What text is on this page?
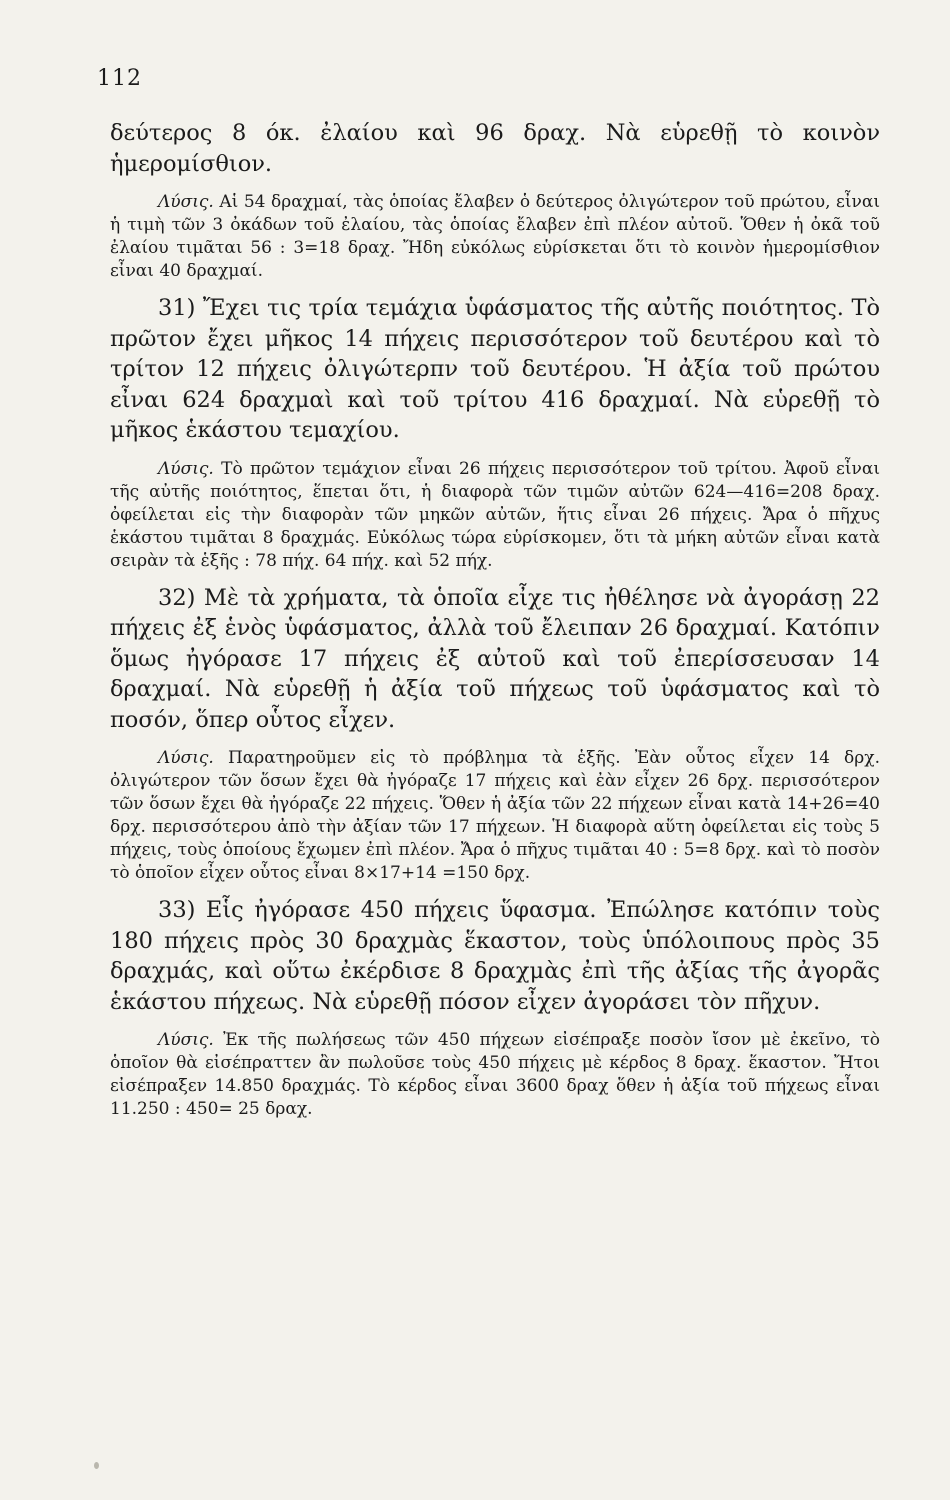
112

δεύτερος 8 όκ. ἐλαίου καὶ 96 δραχ. Νὰ εὑρεθῇ τὸ κοινὸν ἡμερομίσθιον.

Λύσις. Αἱ 54 δραχμαί, τὰς ὁποίας ἔλαβεν ὁ δεύτερος ὀλιγώτερον τοῦ πρώτου, εἶναι ἡ τιμὴ τῶν 3 ὀκάδων τοῦ ἐλαίου, τὰς ὁποίας ἔλαβεν ἐπὶ πλέον αὐτοῦ. Ὅθεν ἡ ὀκᾶ τοῦ ἐλαίου τιμᾶται 56 : 3=18 δραχ. Ἤδη εὐκόλως εὑρίσκεται ὅτι τὸ κοινὸν ἡμερομίσθιον εἶναι 40 δραχμαί.

31) Ἔχει τις τρία τεμάχια ὑφάσματος τῆς αὐτῆς ποιότητος. Τὸ πρῶτον ἔχει μῆκος 14 πήχεις περισσότερον τοῦ δευτέρου καὶ τὸ τρίτον 12 πήχεις ὀλιγώτερπν τοῦ δευτέρου. Ἡ ἀξία τοῦ πρώτου εἶναι 624 δραχμαὶ καὶ τοῦ τρίτου 416 δραχμαί. Νὰ εὑρεθῇ τὸ μῆκος ἑκάστου τεμαχίου.

Λύσις. Τὸ πρῶτον τεμάχιον εἶναι 26 πήχεις περισσότερον τοῦ τρίτου. Ἀφοῦ εἶναι τῆς αὐτῆς ποιότητος, ἕπεται ὅτι, ἡ διαφορὰ τῶν τιμῶν αὐτῶν 624—416=208 δραχ. ὀφείλεται εἰς τὴν διαφορὰν τῶν μηκῶν αὐτῶν, ἥτις εἶναι 26 πήχεις. Ἄρα ὁ πῆχυς ἑκάστου τιμᾶται 8 δραχμάς. Εὐκόλως τώρα εὑρίσκομεν, ὅτι τὰ μήκη αὐτῶν εἶναι κατὰ σειρὰν τὰ ἑξῆς : 78 πήχ. 64 πήχ. καὶ 52 πήχ.

32) Μὲ τὰ χρήματα, τὰ ὁποῖα εἶχε τις ἠθέλησε νὰ ἀγοράσῃ 22 πήχεις ἐξ ἑνὸς ὑφάσματος, ἀλλὰ τοῦ ἔλειπαν 26 δραχμαί. Κατόπιν ὅμως ἠγόρασε 17 πήχεις ἐξ αὐτοῦ καὶ τοῦ ἐπερίσσευσαν 14 δραχμαί. Νὰ εὑρεθῇ ἡ ἀξία τοῦ πήχεως τοῦ ὑφάσματος καὶ τὸ ποσόν, ὅπερ οὗτος εἶχεν.

Λύσις. Παρατηροῦμεν εἰς τὸ πρόβλημα τὰ ἑξῆς. Ἐὰν οὗτος εἶχεν 14 δρχ. ὀλιγώτερον τῶν ὅσων ἔχει θὰ ἠγόραζε 17 πήχεις καὶ ἐὰν εἶχεν 26 δρχ. περισσότερον τῶν ὅσων ἔχει θὰ ἠγόραζε 22 πήχεις. Ὅθεν ἡ ἀξία τῶν 22 πήχεων εἶναι κατὰ 14+26=40 δρχ. περισσότερου ἀπὸ τὴν ἀξίαν τῶν 17 πήχεων. Ἡ διαφορὰ αὕτη ὀφείλεται εἰς τοὺς 5 πήχεις, τοὺς ὁποίους ἔχωμεν ἐπὶ πλέον. Ἄρα ὁ πῆχυς τιμᾶται 40 : 5=8 δρχ. καὶ τὸ ποσὸν τὸ ὁποῖον εἶχεν οὗτος εἶναι 8×17+14 =150 δρχ.

33) Εἷς ἠγόρασε 450 πήχεις ὕφασμα. Ἐπώλησε κατόπιν τοὺς 180 πήχεις πρὸς 30 δραχμὰς ἕκαστον, τοὺς ὑπόλοιπους πρὸς 35 δραχμάς, καὶ οὕτω ἐκέρδισε 8 δραχμὰς ἐπὶ τῆς ἀξίας τῆς ἀγορᾶς ἑκάστου πήχεως. Νὰ εὑρεθῇ πόσον εἶχεν ἀγοράσει τὸν πῆχυν.

Λύσις. Ἐκ τῆς πωλήσεως τῶν 450 πήχεων εἰσέπραξε ποσὸν ἴσον μὲ ἐκεῖνο, τὸ ὁποῖον θὰ εἰσέπραττεν ἂν πωλοῦσε τοὺς 450 πήχεις μὲ κέρδος 8 δραχ. ἕκαστον. Ἤτοι εἰσέπραξεν 14.850 δραχμάς. Τὸ κέρδος εἶναι 3600 δραχ ὅθεν ἡ ἀξία τοῦ πήχεως εἶναι 11.250 : 450= 25 δραχ.
